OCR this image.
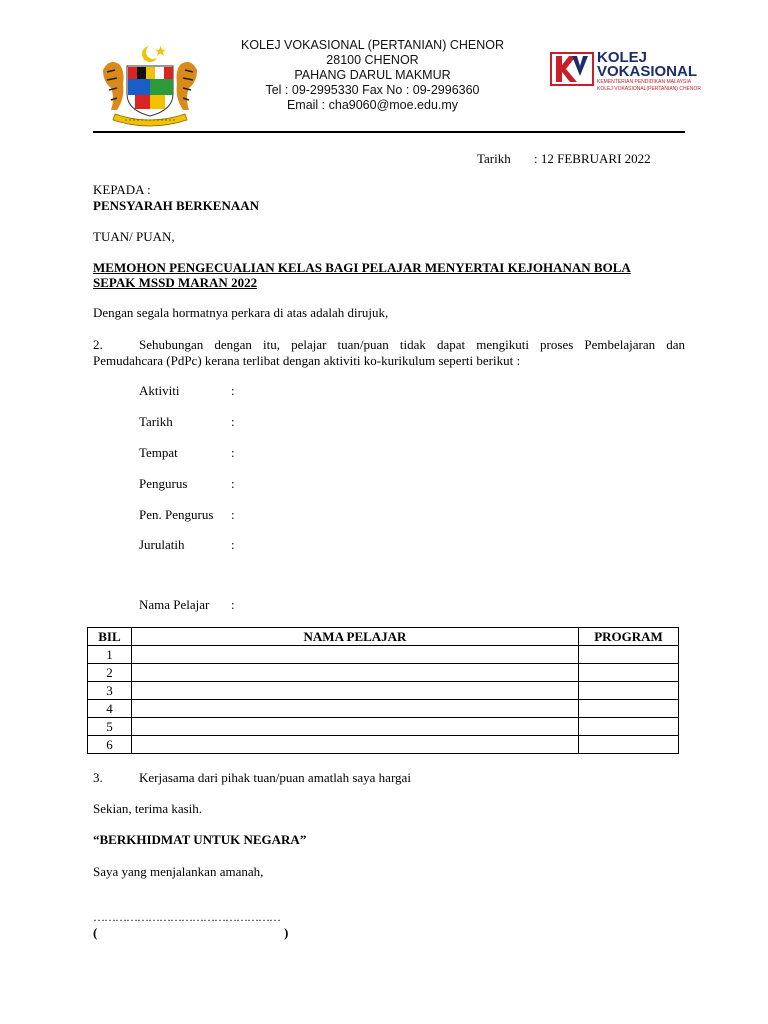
KOLEJ VOKASIONAL (PERTANIAN) CHENOR
28100 CHENOR
PAHANG DARUL MAKMUR
Tel : 09-2995330 Fax No : 09-2996360
Email : cha9060@moe.edu.my
KOLEJ
VOKASIONAL
KEMENTERIAN PENDIDIKAN MALAYSIA
KOLEJ VOKASIONAL(PERTANIAN) CHENOR
Tarikh : 12 FEBRUARI 2022
KEPADA :
PENSYARAH BERKENAAN
TUAN/ PUAN,
MEMOHON PENGECUALIAN KELAS BAGI PELAJAR MENYERTAI KEJOHANAN BOLA
SEPAK MSSD MARAN 2022
Dengan segala hormatnya perkara di atas adalah dirujuk,
2.	Sehubungan dengan itu, pelajar tuan/puan tidak dapat mengikuti proses Pembelajaran dan
Pemudahcara (PdPc) kerana terlibat dengan aktiviti ko-kurikulum seperti berikut :
Aktiviti	:
Tarikh	:
Tempat	:
Pengurus	:
Pen. Pengurus :
Jurulatih	:
Nama Pelajar :
BIL	NAMA PELAJAR	PROGRAM
1		
2		
3		
4		
5		
6		
3.	Kerjasama dari pihak tuan/puan amatlah saya hargai
Sekian, terima kasih.
“BERKHIDMAT UNTUK NEGARA”
Saya yang menjalankan amanah,
……………………………………………
(	)
